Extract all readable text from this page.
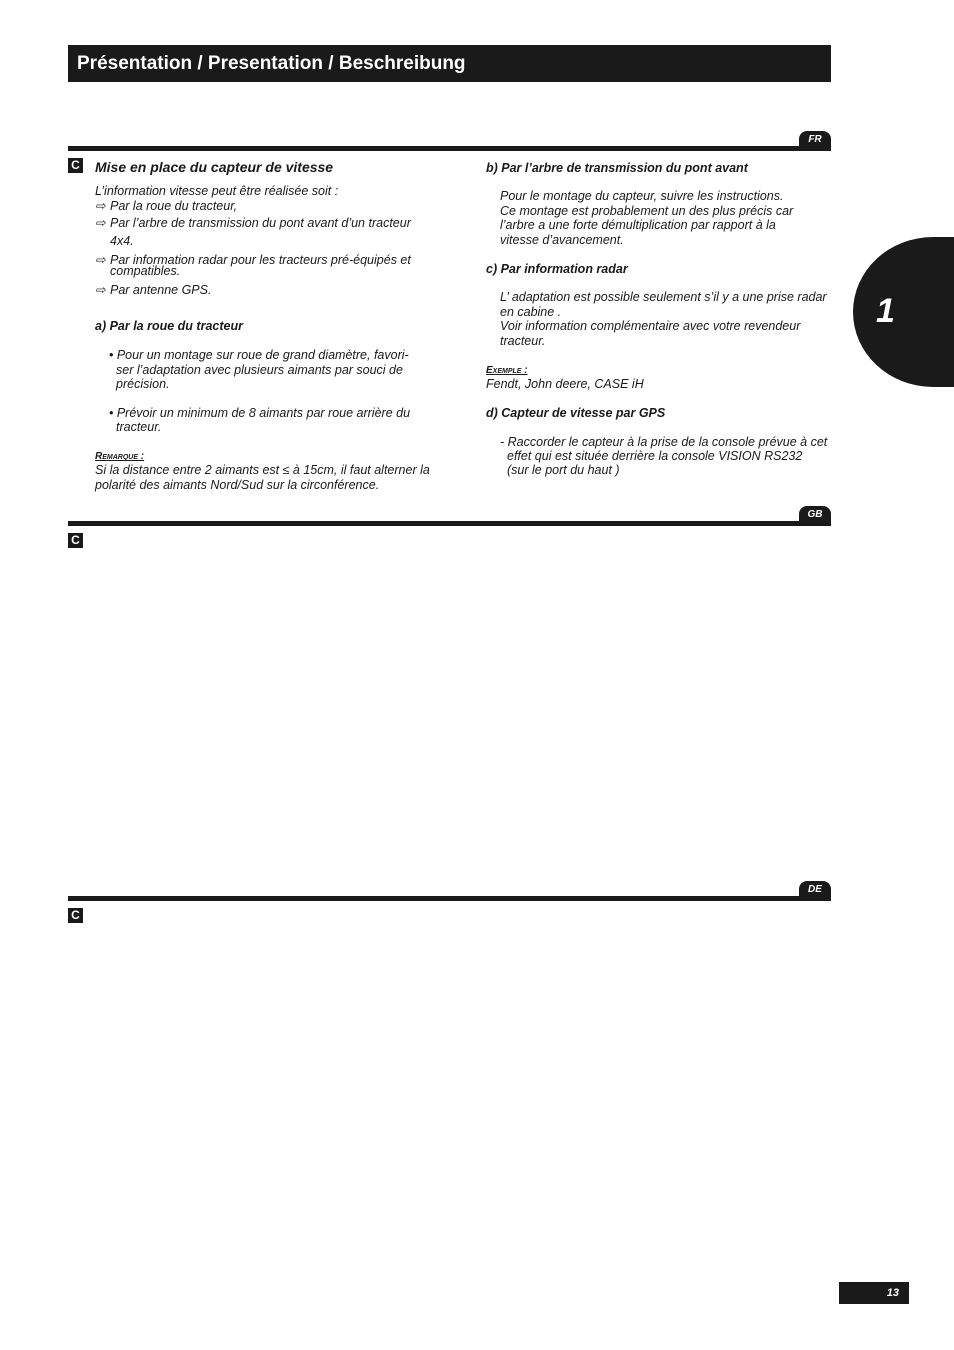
Présentation / Presentation / Beschreibung
1
FR
C Mise en place du capteur de vitesse
L’information vitesse peut être réalisée soit :
⇨ Par la roue du tracteur,
⇨ Par l’arbre de transmission du pont avant d’un tracteur
4x4.
⇨ Par information radar pour les tracteurs pré-équipés et
compatibles.
⇨ Par antenne GPS.
a) Par la roue du tracteur
• Pour un montage sur roue de grand diamètre, favori-
ser l’adaptation avec plusieurs aimants par souci de
précision.
• Prévoir un minimum de 8 aimants par roue arrière du
tracteur.
Remarque :
Si la distance entre 2 aimants est ≤ à 15cm, il faut alterner la
polarité des aimants Nord/Sud sur la circonférence.
b) Par l’arbre de transmission du pont avant
Pour le montage du capteur, suivre les instructions.
Ce montage est probablement un des plus précis car
l’arbre a une forte démultiplication par rapport à la
vitesse d’avancement.
c) Par information radar
L’ adaptation est possible seulement s’il y a une prise radar
en cabine .
Voir information complémentaire avec votre revendeur
tracteur.
Exemple :
Fendt, John deere, CASE iH
d) Capteur de vitesse par GPS
- Raccorder le capteur à la prise de la console prévue à cet
effet qui est située derrière la console VISION RS232
(sur le port du haut )
GB
C
DE
C
13
